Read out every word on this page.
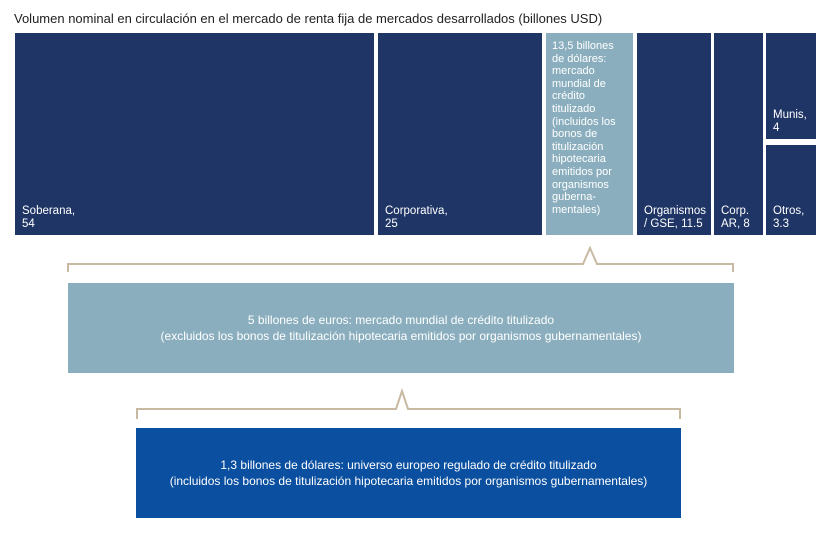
Volumen nominal en circulación en el mercado de renta fija de mercados desarrollados (billones USD)
Soberana,
54
Corporativa,
25
13,5 billones
de dólares:
mercado
mundial de
crédito
titulizado
(incluidos los
bonos de
titulización
hipotecaria
emitidos por
organismos
guberna-
mentales)	Organismos
/ GSE, 11.5
Corp.
AR, 8
Munis,
4
Otros,
3.3
5 billones de euros: mercado mundial de crédito titulizado
(excluidos los bonos de titulización hipotecaria emitidos por organismos gubernamentales)
1,3 billones de dólares: universo europeo regulado de crédito titulizado
(incluidos los bonos de titulización hipotecaria emitidos por organismos gubernamentales)
